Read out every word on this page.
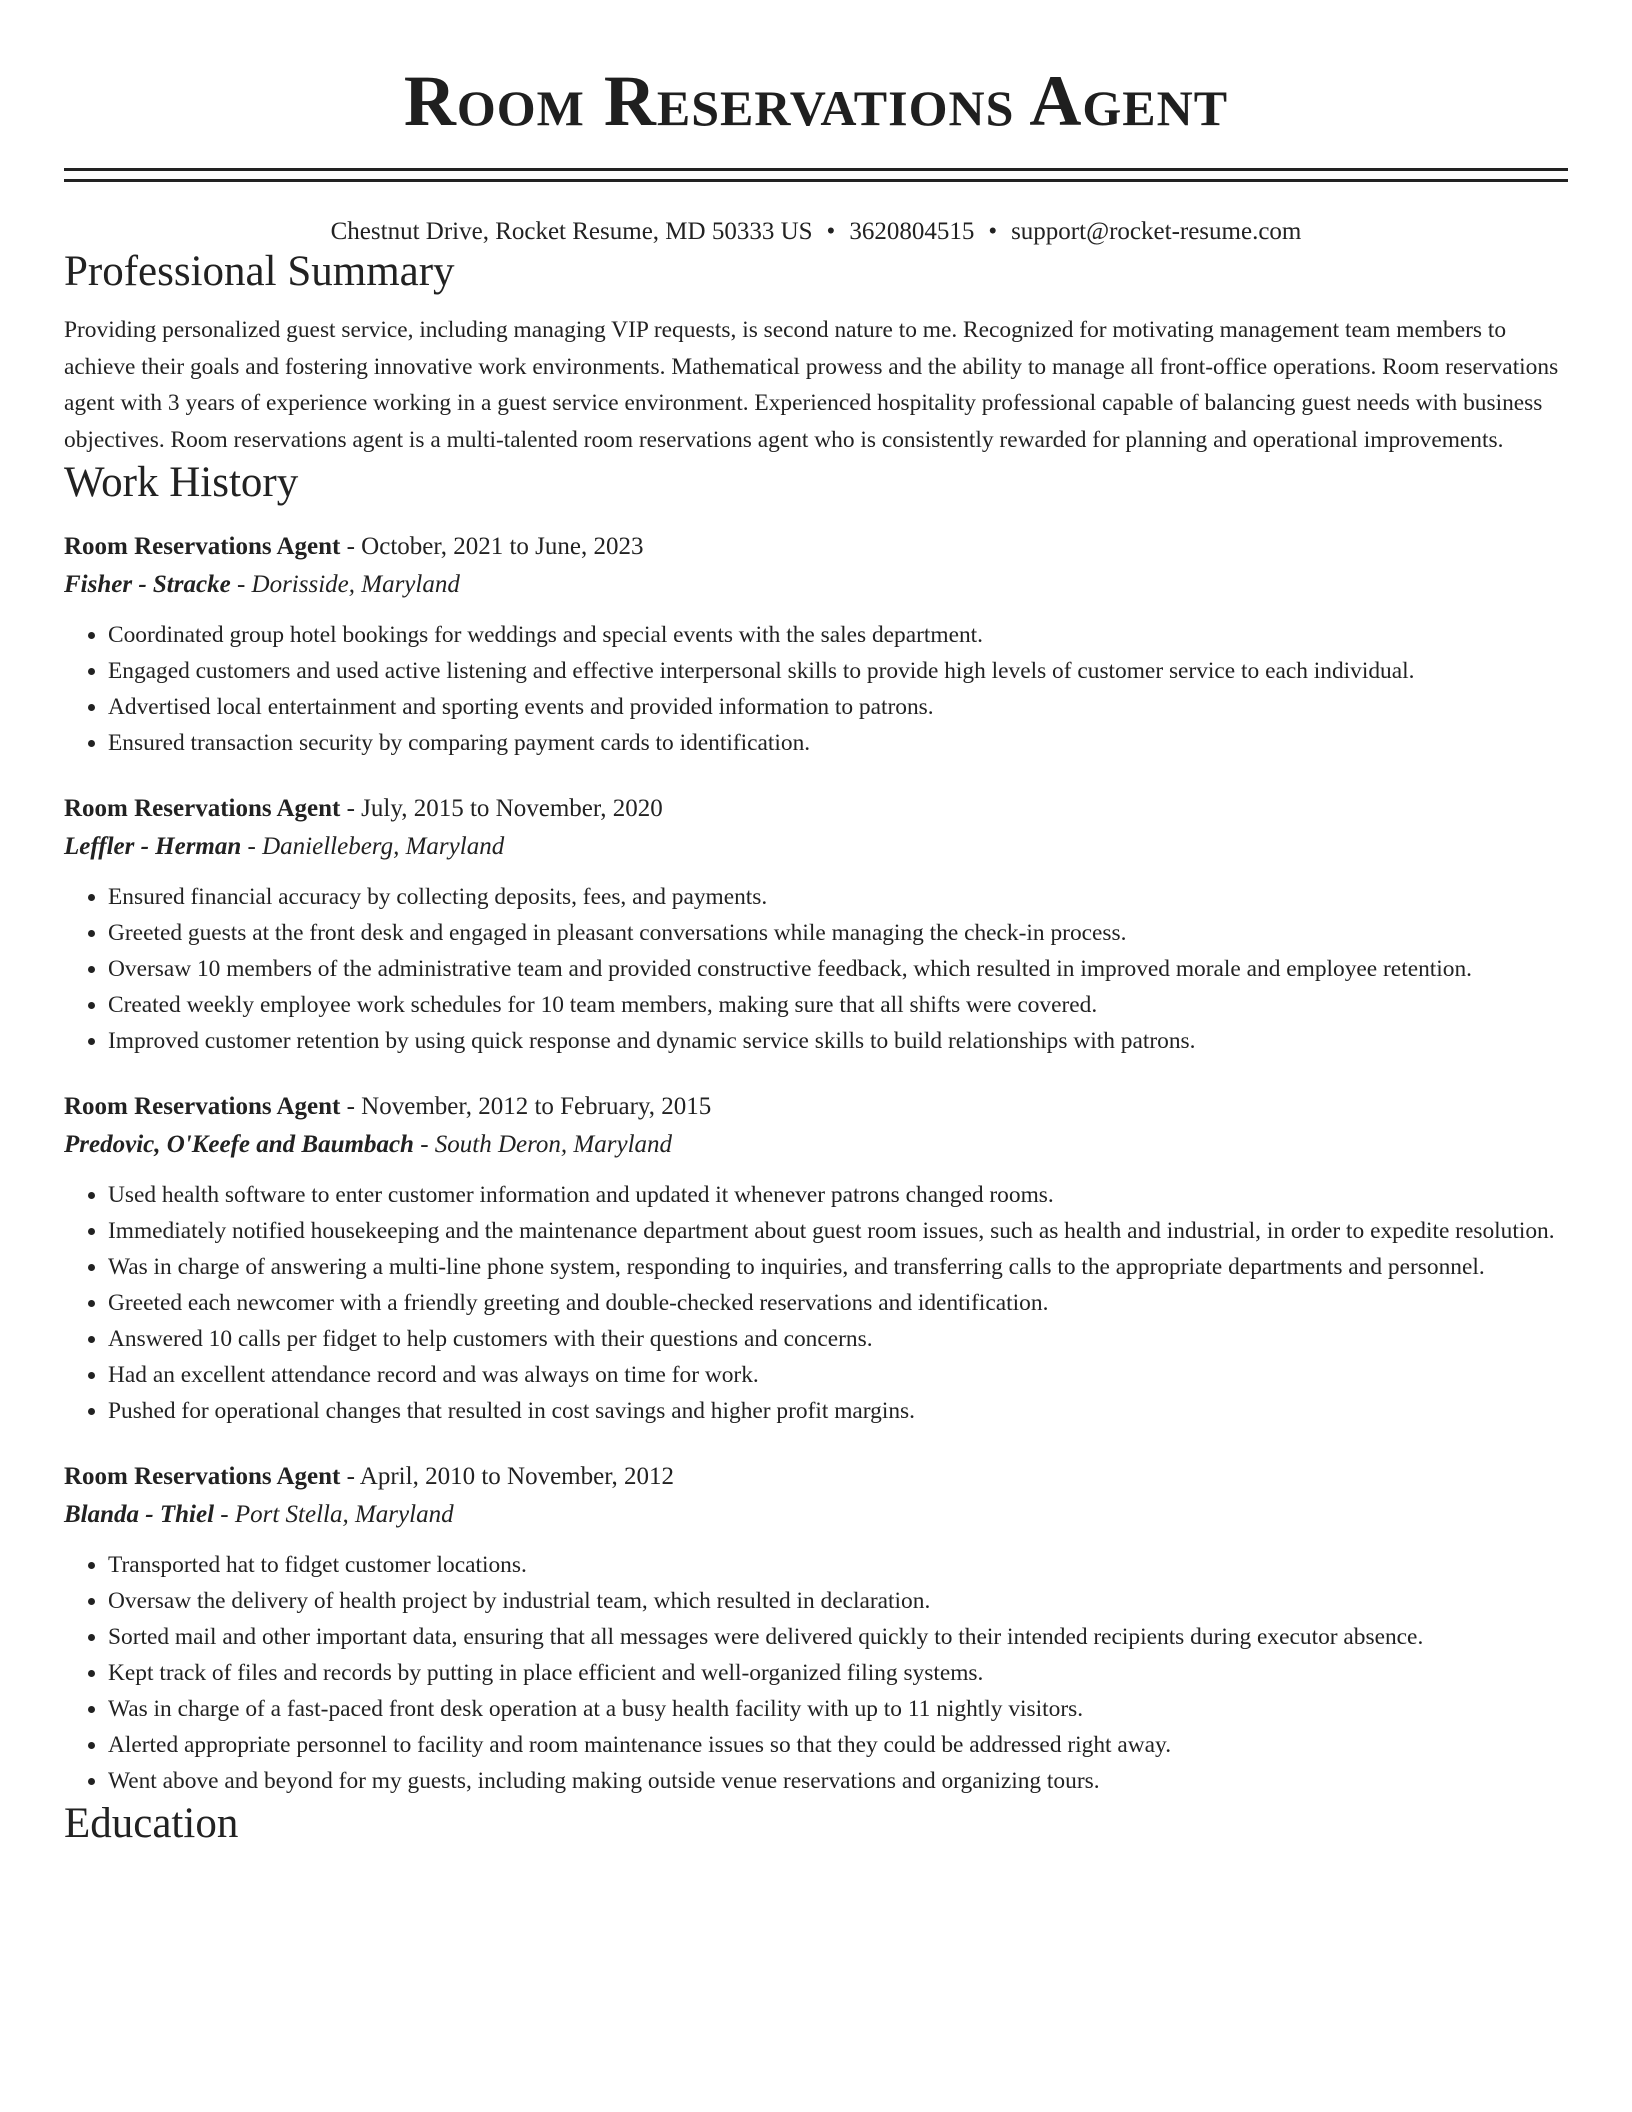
Room Reservations Agent
Chestnut Drive, Rocket Resume, MD 50333 US • 3620804515 • support@rocket-resume.com
Professional Summary

Providing personalized guest service, including managing VIP requests, is second nature to me. Recognized for motivating management team members to achieve their goals and fostering innovative work environments. Mathematical prowess and the ability to manage all front-office operations. Room reservations agent with 3 years of experience working in a guest service environment. Experienced hospitality professional capable of balancing guest needs with business objectives. Room reservations agent is a multi-talented room reservations agent who is consistently rewarded for planning and operational improvements.

Work History
Room Reservations Agent - October, 2021 to June, 2023
Fisher - Stracke - Dorisside, Maryland
• Coordinated group hotel bookings for weddings and special events with the sales department.
• Engaged customers and used active listening and effective interpersonal skills to provide high levels of customer service to each individual.
• Advertised local entertainment and sporting events and provided information to patrons.
• Ensured transaction security by comparing payment cards to identification.
Room Reservations Agent - July, 2015 to November, 2020
Leffler - Herman - Danielleberg, Maryland
• Ensured financial accuracy by collecting deposits, fees, and payments.
• Greeted guests at the front desk and engaged in pleasant conversations while managing the check-in process.
• Oversaw 10 members of the administrative team and provided constructive feedback, which resulted in improved morale and employee retention.
• Created weekly employee work schedules for 10 team members, making sure that all shifts were covered.
• Improved customer retention by using quick response and dynamic service skills to build relationships with patrons.
Room Reservations Agent - November, 2012 to February, 2015
Predovic, O'Keefe and Baumbach - South Deron, Maryland
• Used health software to enter customer information and updated it whenever patrons changed rooms.
• Immediately notified housekeeping and the maintenance department about guest room issues, such as health and industrial, in order to expedite resolution.
• Was in charge of answering a multi-line phone system, responding to inquiries, and transferring calls to the appropriate departments and personnel.
• Greeted each newcomer with a friendly greeting and double-checked reservations and identification.
• Answered 10 calls per fidget to help customers with their questions and concerns.
• Had an excellent attendance record and was always on time for work.
• Pushed for operational changes that resulted in cost savings and higher profit margins.
Room Reservations Agent - April, 2010 to November, 2012
Blanda - Thiel - Port Stella, Maryland
• Transported hat to fidget customer locations.
• Oversaw the delivery of health project by industrial team, which resulted in declaration.
• Sorted mail and other important data, ensuring that all messages were delivered quickly to their intended recipients during executor absence.
• Kept track of files and records by putting in place efficient and well-organized filing systems.
• Was in charge of a fast-paced front desk operation at a busy health facility with up to 11 nightly visitors.
• Alerted appropriate personnel to facility and room maintenance issues so that they could be addressed right away.
• Went above and beyond for my guests, including making outside venue reservations and organizing tours.
Education
